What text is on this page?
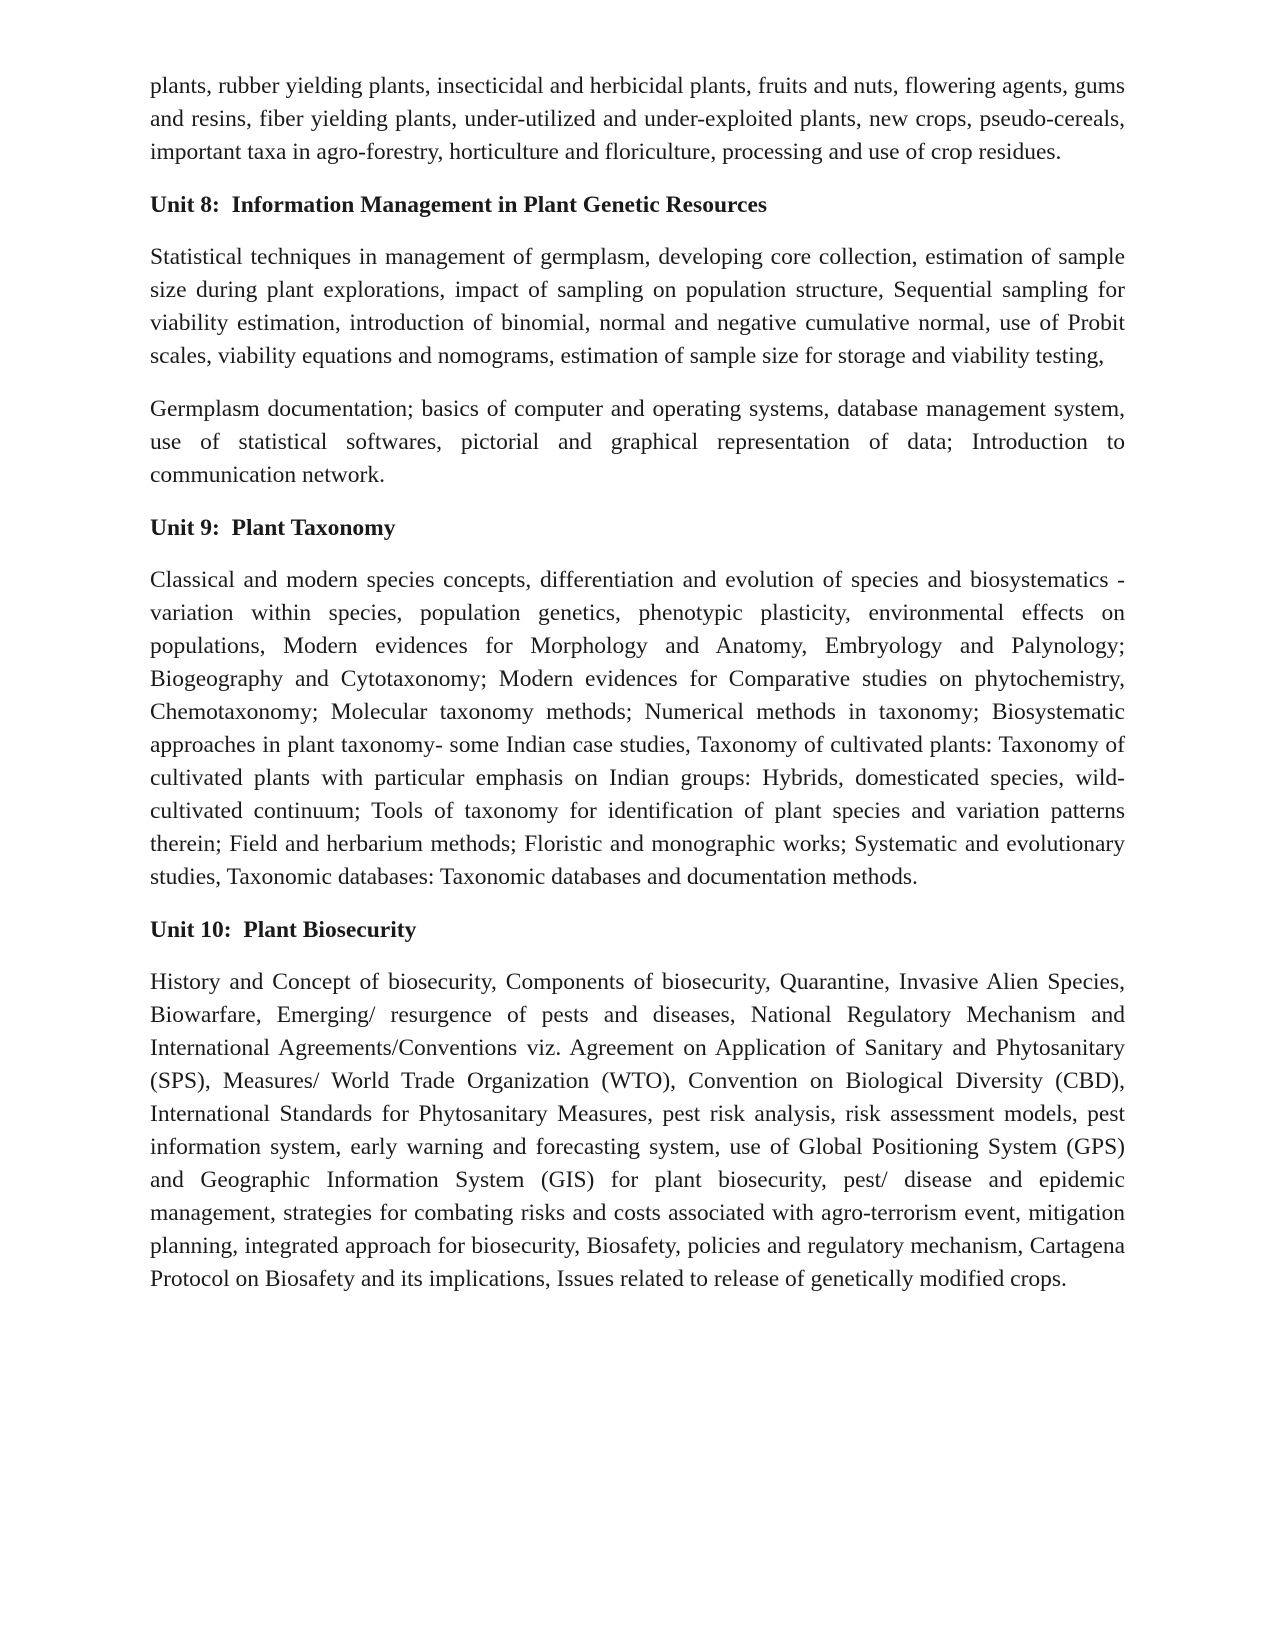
plants, rubber yielding plants, insecticidal and herbicidal plants, fruits and nuts, flowering agents, gums and resins, fiber yielding plants, under-utilized and under-exploited plants, new crops, pseudo-cereals, important taxa in agro-forestry, horticulture and floriculture, processing and use of crop residues.

Unit 8:  Information Management in Plant Genetic Resources

Statistical techniques in management of germplasm, developing core collection, estimation of sample size during plant explorations, impact of sampling on population structure, Sequential sampling for viability estimation, introduction of binomial, normal and negative cumulative normal, use of Probit scales, viability equations and nomograms, estimation of sample size for storage and viability testing,

Germplasm documentation; basics of computer and operating systems, database management system, use of statistical softwares, pictorial and graphical representation of data; Introduction to communication network.

Unit 9:  Plant Taxonomy

Classical and modern species concepts, differentiation and evolution of species and biosystematics -variation within species, population genetics, phenotypic plasticity, environmental effects on populations, Modern evidences for Morphology and Anatomy, Embryology and Palynology; Biogeography and Cytotaxonomy; Modern evidences for Comparative studies on phytochemistry, Chemotaxonomy; Molecular taxonomy methods; Numerical methods in taxonomy; Biosystematic approaches in plant taxonomy- some Indian case studies, Taxonomy of cultivated plants: Taxonomy of cultivated plants with particular emphasis on Indian groups: Hybrids, domesticated species, wild-cultivated continuum; Tools of taxonomy for identification of plant species and variation patterns therein; Field and herbarium methods; Floristic and monographic works; Systematic and evolutionary studies, Taxonomic databases: Taxonomic databases and documentation methods.

Unit 10:  Plant Biosecurity

History and Concept of biosecurity, Components of biosecurity, Quarantine, Invasive Alien Species, Biowarfare, Emerging/ resurgence of pests and diseases, National Regulatory Mechanism and International Agreements/Conventions viz. Agreement on Application of Sanitary and Phytosanitary (SPS), Measures/ World Trade Organization (WTO), Convention on Biological Diversity (CBD), International Standards for Phytosanitary Measures, pest risk analysis, risk assessment models, pest information system, early warning and forecasting system, use of Global Positioning System (GPS) and Geographic Information System (GIS) for plant biosecurity, pest/ disease and epidemic management, strategies for combating risks and costs associated with agro-terrorism event, mitigation planning, integrated approach for biosecurity, Biosafety, policies and regulatory mechanism, Cartagena Protocol on Biosafety and its implications, Issues related to release of genetically modified crops.
